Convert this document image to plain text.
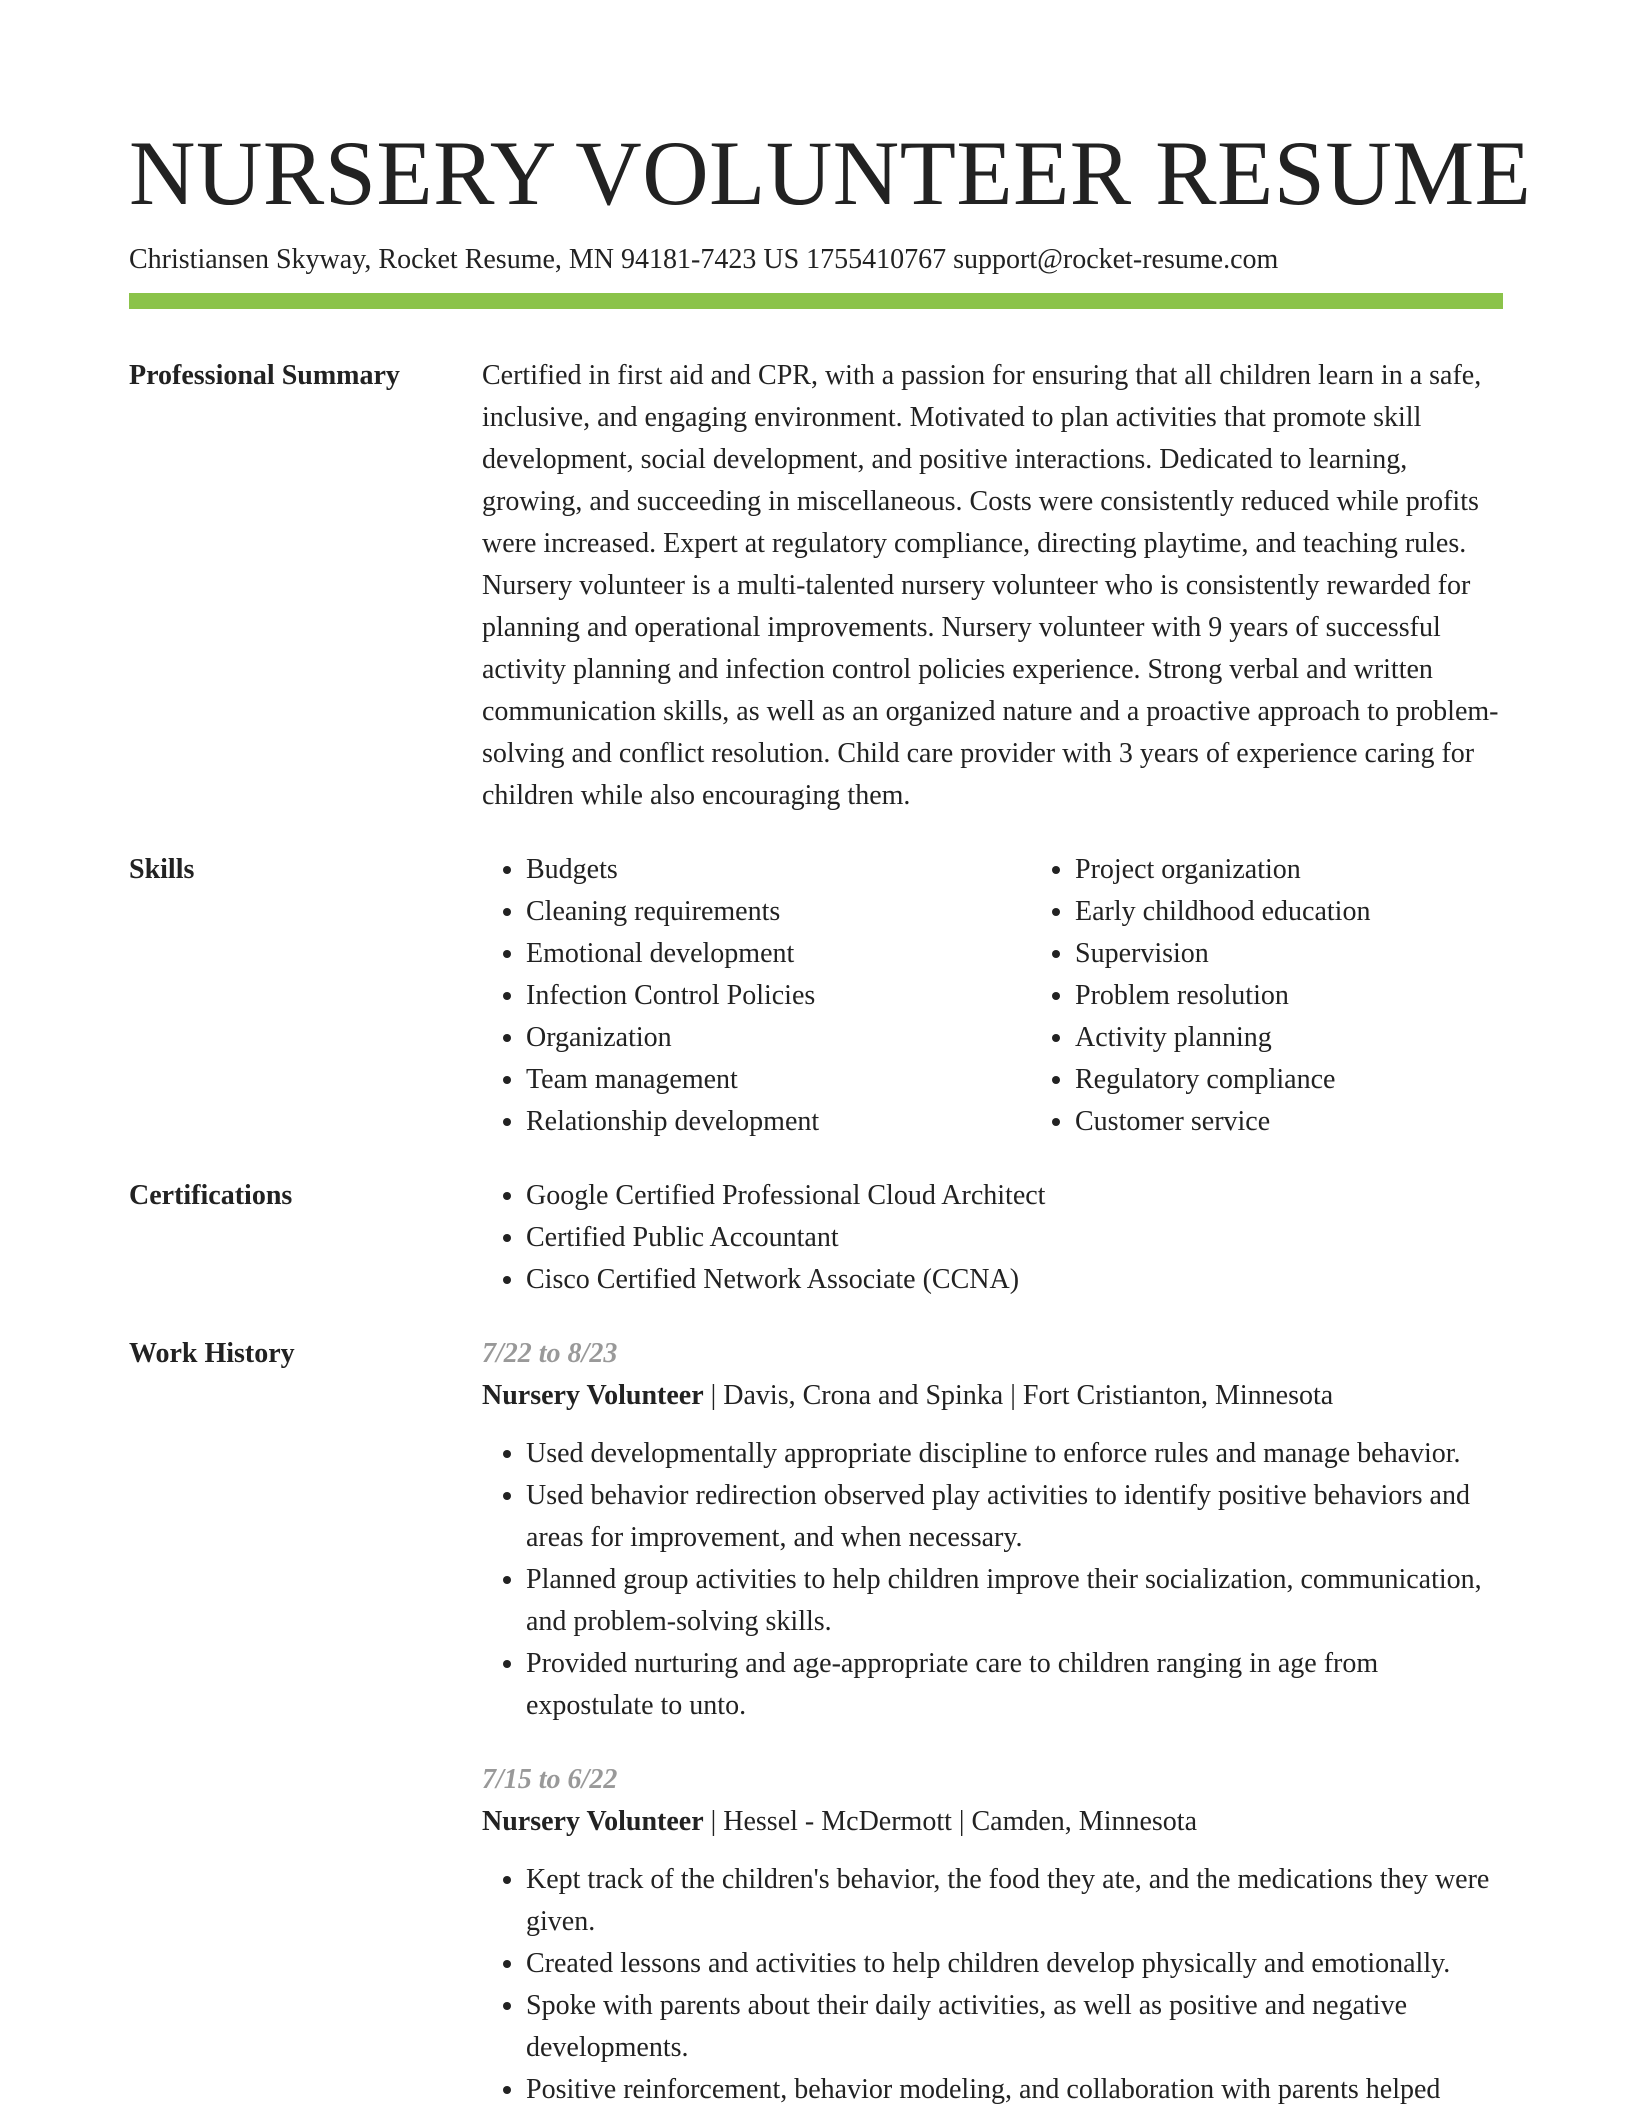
NURSERY VOLUNTEER RESUME
Christiansen Skyway, Rocket Resume, MN 94181-7423 US 1755410767 support@rocket-resume.com
Professional Summary	Certified in first aid and CPR, with a passion for ensuring that all children learn in a safe, inclusive, and engaging environment. Motivated to plan activities that promote skill development, social development, and positive interactions. Dedicated to learning, growing, and succeeding in miscellaneous. Costs were consistently reduced while profits were increased. Expert at regulatory compliance, directing playtime, and teaching rules. Nursery volunteer is a multi-talented nursery volunteer who is consistently rewarded for planning and operational improvements. Nursery volunteer with 9 years of successful activity planning and infection control policies experience. Strong verbal and written communication skills, as well as an organized nature and a proactive approach to problem-solving and conflict resolution. Child care provider with 3 years of experience caring for children while also encouraging them.

Skills	• Budgets
• Cleaning requirements
• Emotional development
• Infection Control Policies
• Organization
• Team management
• Relationship development
• Project organization
• Early childhood education
• Supervision
• Problem resolution
• Activity planning
• Regulatory compliance
• Customer service
Certifications	• Google Certified Professional Cloud Architect
• Certified Public Accountant
• Cisco Certified Network Associate (CCNA)
Work History	7/22 to 8/23
Nursery Volunteer | Davis, Crona and Spinka | Fort Cristianton, Minnesota
• Used developmentally appropriate discipline to enforce rules and manage behavior.
• Used behavior redirection observed play activities to identify positive behaviors and areas for improvement, and when necessary.
• Planned group activities to help children improve their socialization, communication, and problem-solving skills.
• Provided nurturing and age-appropriate care to children ranging in age from expostulate to unto.
7/15 to 6/22
Nursery Volunteer | Hessel - McDermott | Camden, Minnesota
• Kept track of the children's behavior, the food they ate, and the medications they were given.
• Created lessons and activities to help children develop physically and emotionally.
• Spoke with parents about their daily activities, as well as positive and negative developments.
• Positive reinforcement, behavior modeling, and collaboration with parents helped
